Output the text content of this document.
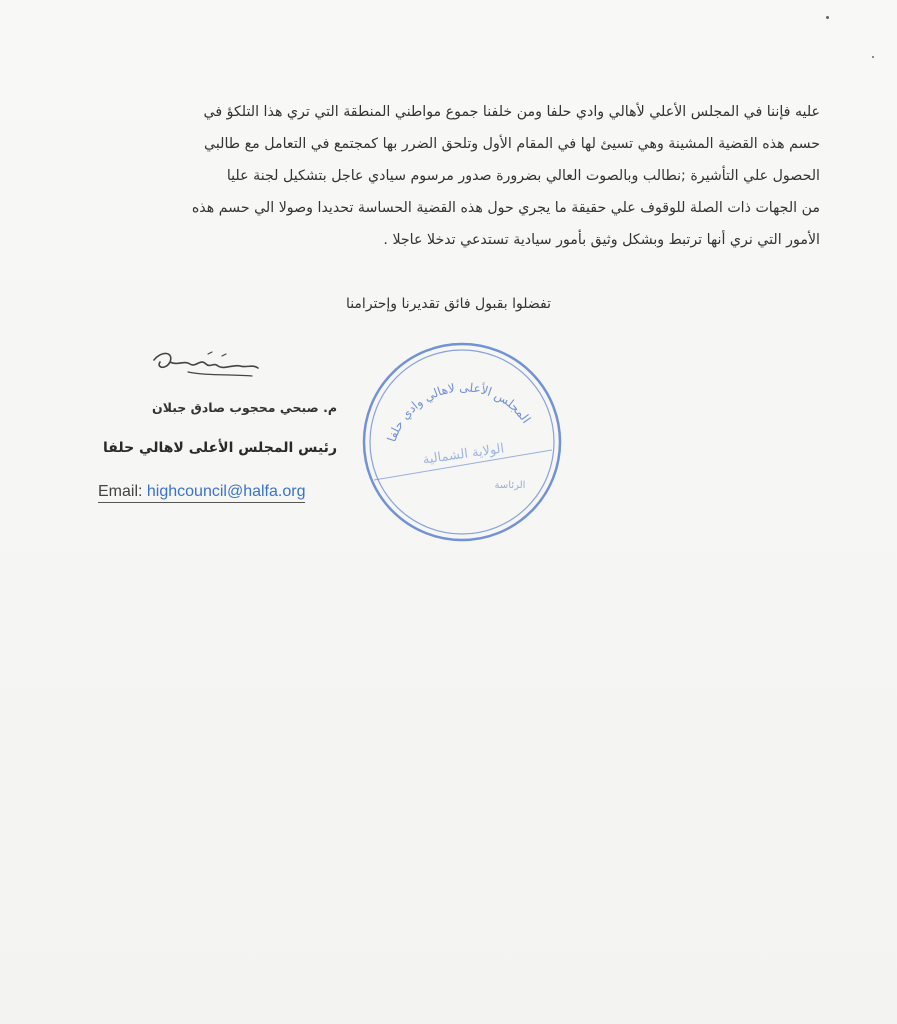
عليه فإننا في المجلس الأعلي لأهالي وادي حلفا ومن خلفنا جموع مواطني المنطقة التي تري هذا التلكؤ في
حسم هذه القضية المشينة وهي تسيئ لها في المقام الأول وتلحق الضرر بها كمجتمع في التعامل مع طالبي
الحصول علي التأشيرة ;نطالب وبالصوت العالي بضرورة صدور مرسوم سيادي عاجل بتشكيل لجنة عليا
من الجهات ذات الصلة للوقوف علي حقيقة ما يجري حول هذه القضية الحساسة تحديدا وصولا الي حسم هذه
الأمور التي نري أنها ترتبط وبشكل وثيق بأمور سيادية تستدعي تدخلا عاجلا .
تفضلوا بقبول فائق تقديرنا وإحترامنا
م. صبحي محجوب صادق جبلان
رئيس المجلس الأعلى لاهالي حلفا
Email: highcouncil@halfa.org
المجلس الأعلى لاهالي وادي حلفا
الولاية الشمالية
الرئاسة
